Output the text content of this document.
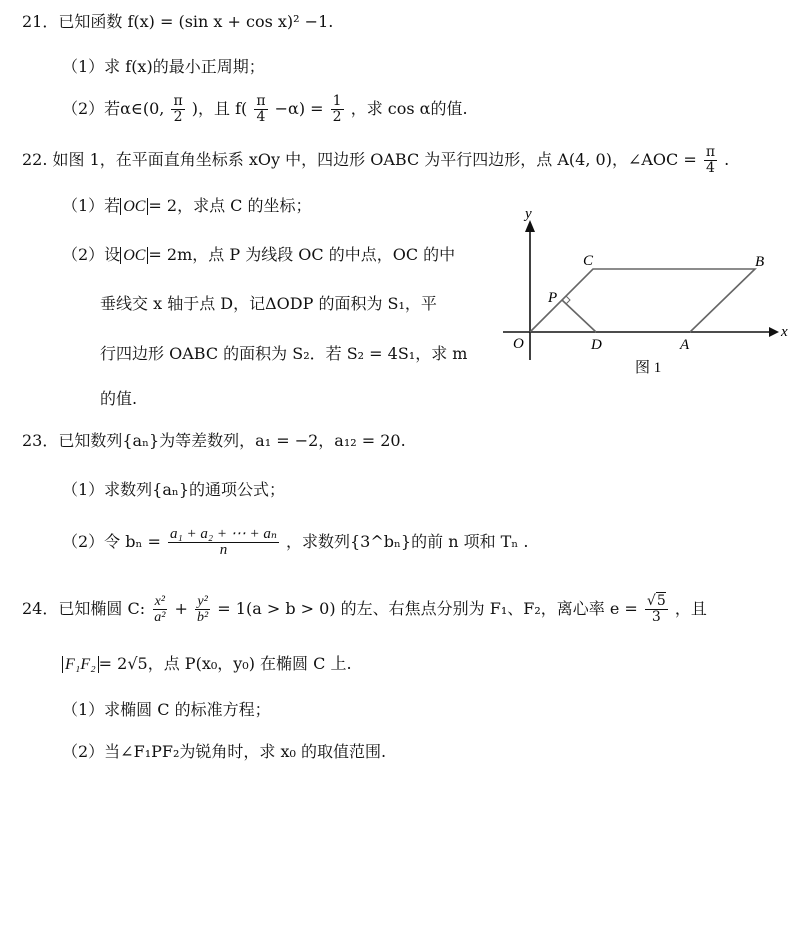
21．已知函数 f(x) = (sin x + cos x)² −1.
（1）求 f(x)的最小正周期；
（2）若α∈(0, $\frac{\pi}{2}$ )，且 $f( \frac{\pi}{4} -\alpha) = \frac{1}{2}$ ，求 cos α的值.
22. 如图 1，在平面直角坐标系 xOy 中，四边形 OABC 为平行四边形，点 A(4, 0)，∠AOC = $\frac{\pi}{4}$ .
（1）若 OC = 2，求点 C 的坐标；
（2）设 OC = 2m，点 P 为线段 OC 的中点，OC 的中
垂线交 x 轴于点 D，记ΔODP 的面积为 S₁，平
行四边形 OABC 的面积为 S₂．若 S₂ = 4S₁，求 m
的值.
y
x
O
C	B
P
D	A
图 1
23．已知数列{aₙ}为等差数列，a₁ = −2，a₁₂ = 20.
（1）求数列{aₙ}的通项公式；
（2）令 $b_n = \frac{\text{a₁ + a₂ + ⋯ + aₙ}}{n}$ ，求数列{3^bₙ}的前 n 项和 Tₙ .
24．已知椭圆 C: $\frac{\text{x²}}{\text{a²}} + \frac{\text{y²}}{\text{b²}} = 1(a > b > 0)$ 的左、右焦点分别为 F₁、F₂，离心率 $e = \frac{√5}{3}$ ，且
F₁F₂ = 2√5，点 P(x₀，y₀) 在椭圆 C 上.
（1）求椭圆 C 的标准方程；
（2）当∠F₁PF₂为锐角时，求 x₀ 的取值范围.
